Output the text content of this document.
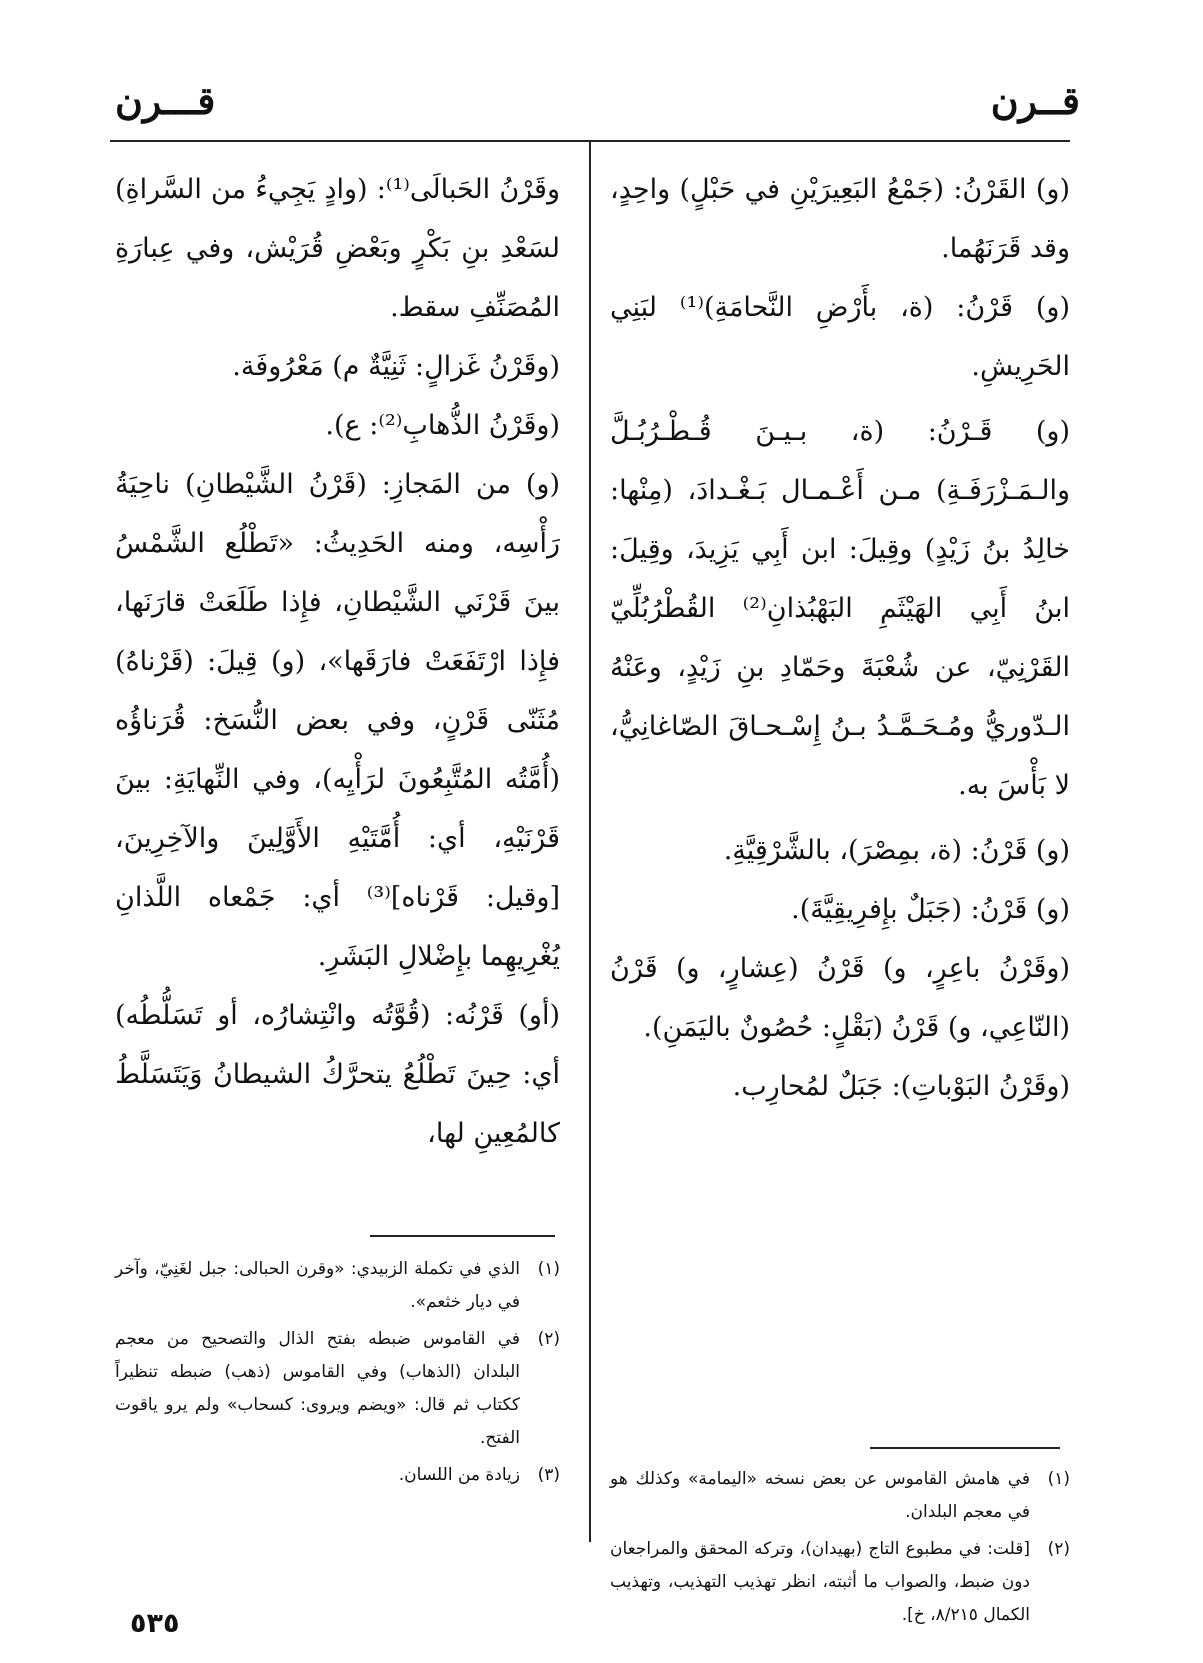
قــرن
قـــرن

(و) القَرْنُ: (جَمْعُ البَعِيرَيْنِ في حَبْلٍ) واحِدٍ، وقد قَرَنَهُما.

(و) قَرْنُ: (ة، بأَرْضِ النَّحامَةِ)⁽¹⁾ لبَنِي الحَرِيشِ.

(و) قَـرْنُ: (ة، بـيـنَ قُـطْـرُبُـلَّ والـمَـزْرَفَـةِ) مـن أَعْـمـال بَـغْـدادَ، (مِنْها: خالِدُ بنُ زَيْدٍ) وقِيلَ: ابن أَبِي يَزِيدَ، وقِيلَ: ابنُ أَبِي الهَيْثَمِ البَهْبُذانِ⁽²⁾ القُطْرُبُلِّيّ القَرْنِيّ، عن شُعْبَةَ وحَمّادِ بنِ زَيْدٍ، وعَنْهُ الـدّوريُّ ومُـحَـمَّـدُ بـنُ إِسْـحـاقَ الصّاغانِيُّ، لا بَأْسَ به.

(و) قَرْنُ: (ة، بمِصْرَ)، بالشَّرْقِيَّةِ.

(و) قَرْنُ: (جَبَلٌ بإِفرِيقِيَّةَ).

(وقَرْنُ باعِرٍ، و) قَرْنُ (عِشارٍ، و) قَرْنُ (النّاعِي، و) قَرْنُ (بَقْلٍ: حُصُونٌ باليَمَنِ).

(وقَرْنُ البَوْباتِ): جَبَلٌ لمُحارِب.

وقَرْنُ الحَبالَى⁽¹⁾: (وادٍ يَجِيءُ من السَّراةِ) لسَعْدِ بنِ بَكْرٍ وبَعْضِ قُرَيْش، وفي عِبارَةِ المُصَنِّفِ سقط.

(وقَرْنُ غَزالٍ: ثَنِيَّةٌ م) مَعْرُوفَة.

(وقَرْنُ الذُّهابِ⁽²⁾: ع).

(و) من المَجازِ: (قَرْنُ الشَّيْطانِ) ناحِيَةُ رَأْسِه، ومنه الحَدِيثُ: «تَطْلُع الشَّمْسُ بينَ قَرْنَي الشَّيْطانِ، فإِذا طَلَعَتْ قارَنَها، فإِذا ارْتَفَعَتْ فارَقَها»، (و) قِيلَ: (قَرْناهُ) مُثَنّى قَرْنٍ، وفي بعض النُّسَخ: قُرَناؤُه (أُمَّتُه المُتَّبِعُونَ لرَأْيِه)، وفي النِّهايَةِ: بينَ قَرْنَيْهِ، أي: أُمَّتَيْهِ الأَوَّلِينَ والآخِرِينَ، [وقيل: قَرْناه]⁽³⁾ أي: جَمْعاه اللَّذانِ يُغْرِيهِما بإِضْلالِ البَشَرِ.

(أو) قَرْنُه: (قُوَّتُه وانْتِشارُه، أو تَسَلُّطُه) أي: حِينَ تَطْلُعُ يتحرَّكُ الشيطانُ وَيَتَسَلَّطُ كالمُعِينِ لها،

(١)
في هامش القاموس عن بعض نسخه «اليمامة» وكذلك هو في معجم البلدان.

(٢)
[قلت: في مطبوع التاج (بهيدان)، وتركه المحقق والمراجعان دون ضبط، والصواب ما أثبته، انظر تهذيب التهذيب، وتهذيب الكمال ٨/٢١٥، خ].

(١)
الذي في تكملة الزبيدي: «وقرن الحبالى: جبل لغَنِيّ، وآخر في ديار خثعم».

(٢)
في القاموس ضبطه بفتح الذال والتصحيح من معجم البلدان (الذهاب) وفي القاموس (ذهب) ضبطه تنظيراً ككتاب ثم قال: «ويضم ويروى: كسحاب» ولم يرو ياقوت الفتح.

(٣)
زيادة من اللسان.

٥٣٥
